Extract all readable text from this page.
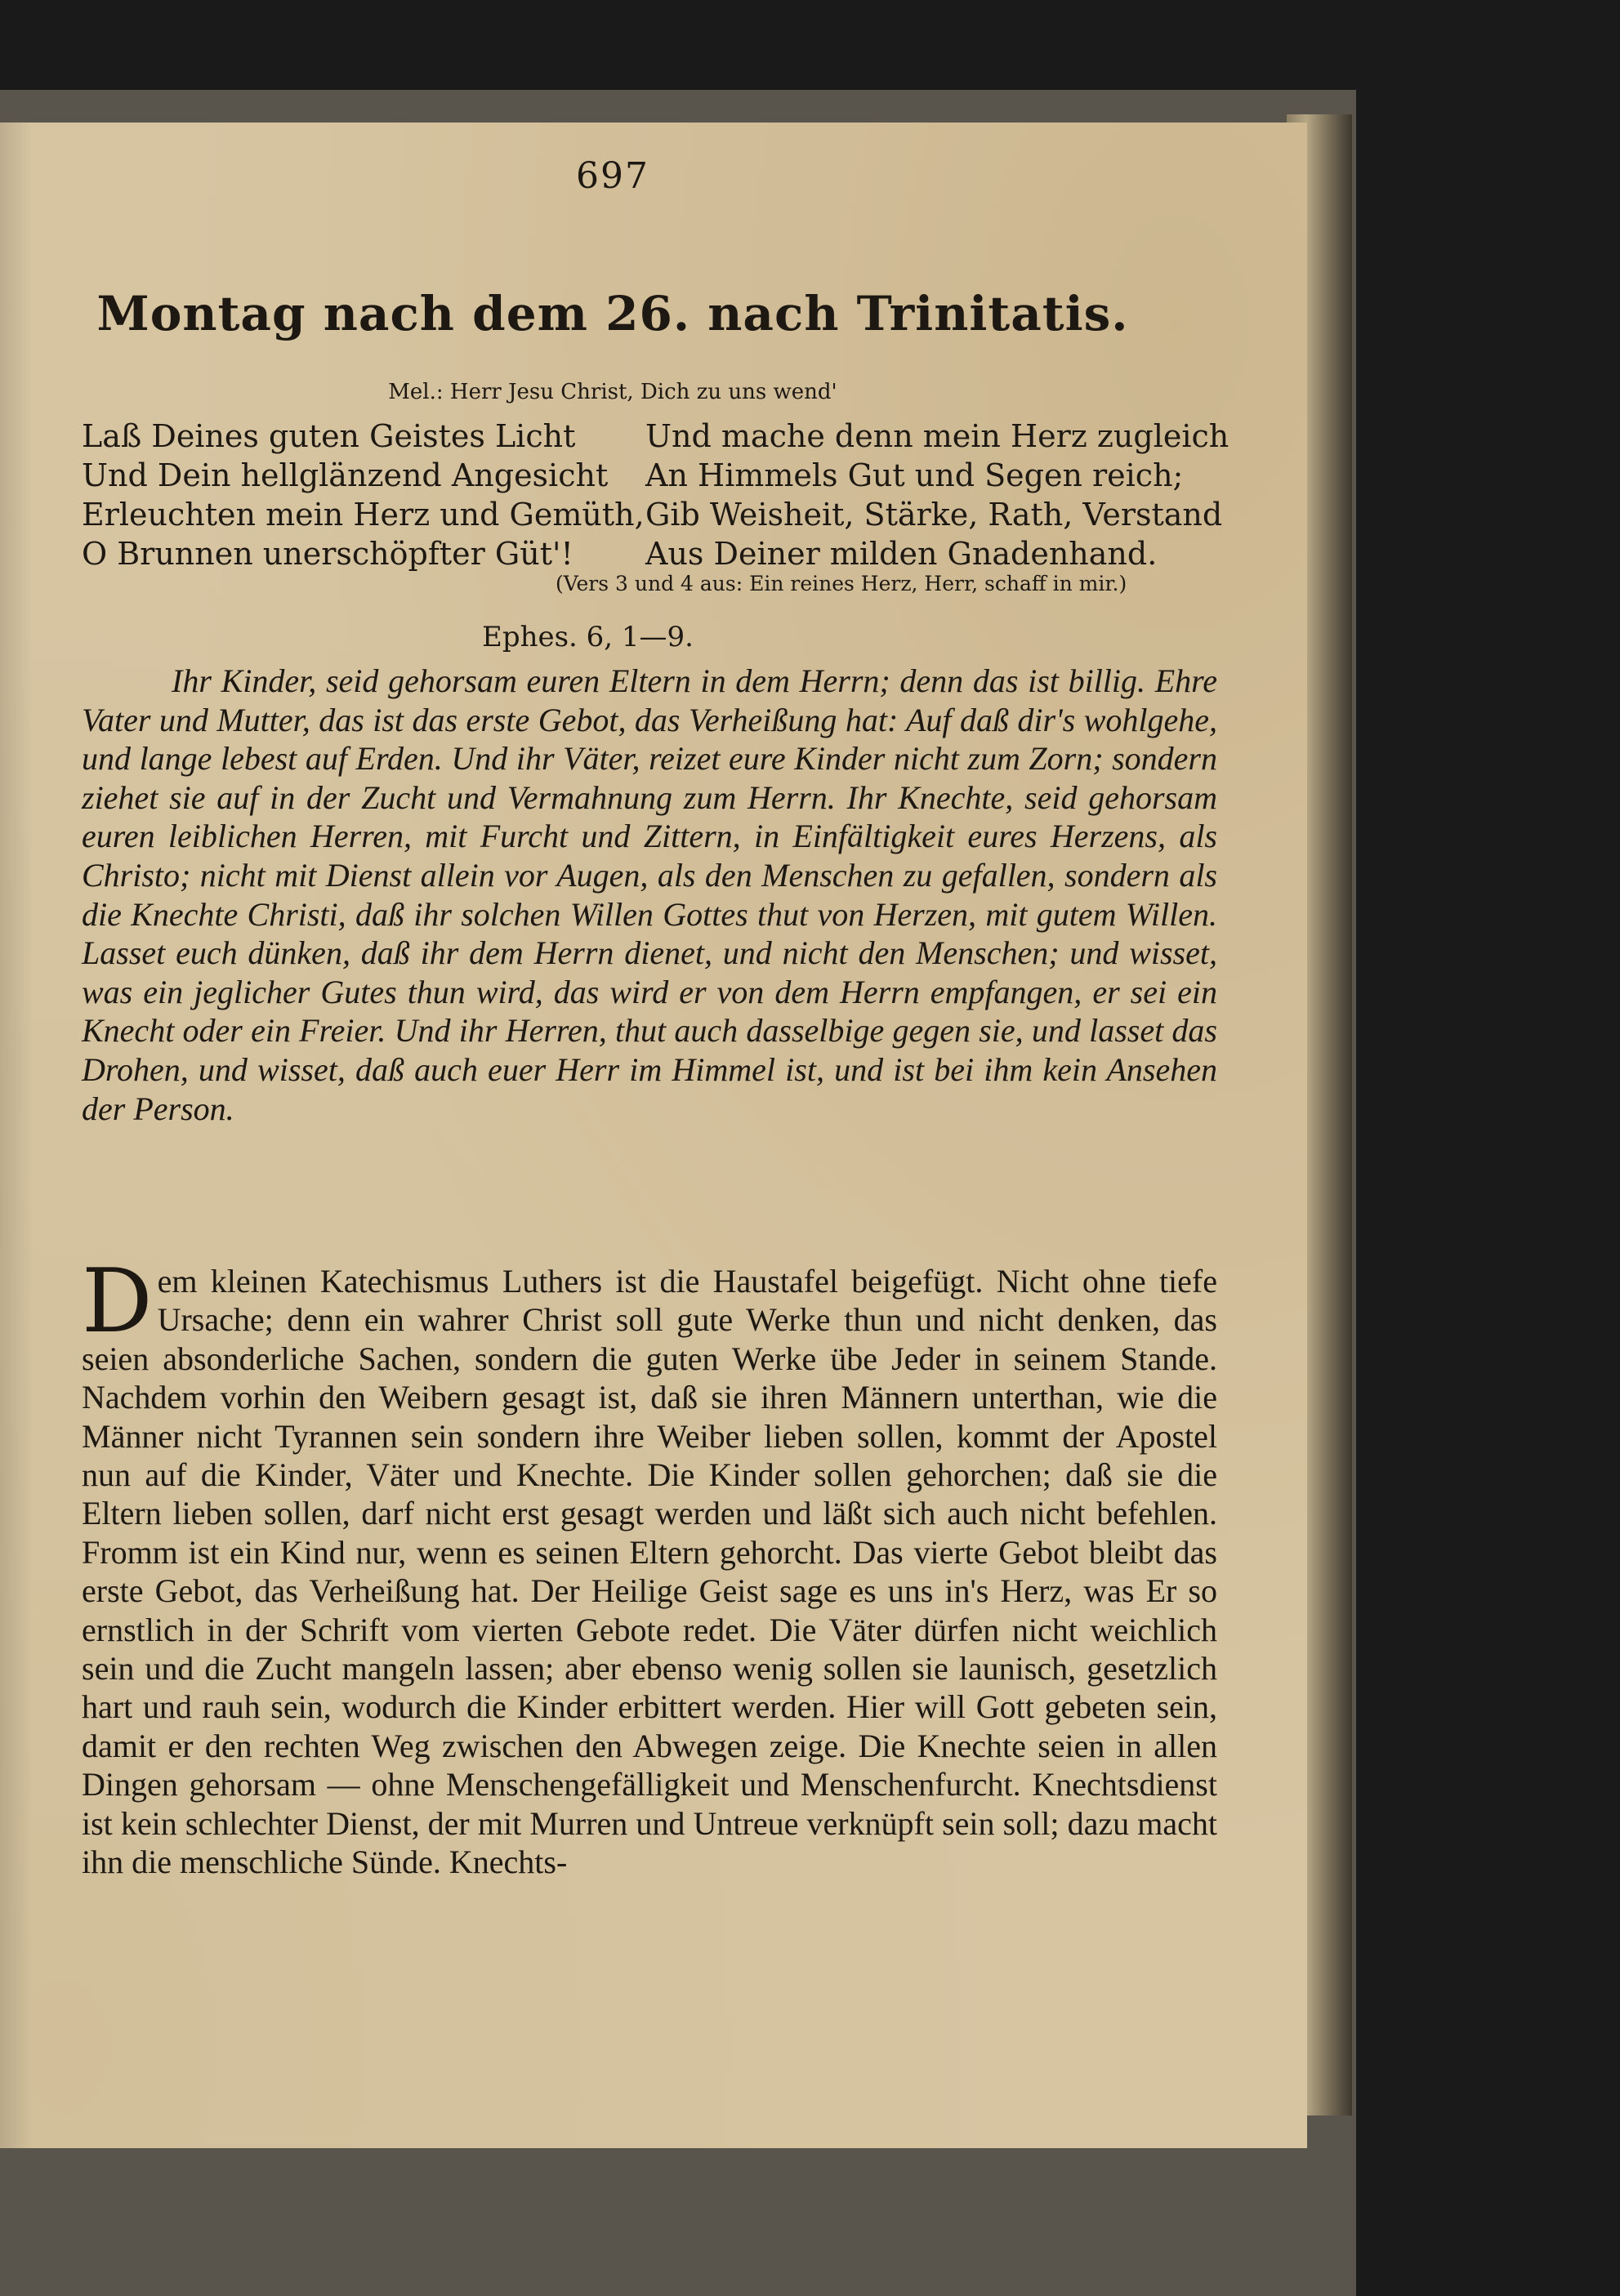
697
Montag nach dem 26. nach Trinitatis.
Mel.: Herr Jesu Christ, Dich zu uns wend'
Laß Deines guten Geistes Licht
Und Dein hellglänzend Angesicht
Erleuchten mein Herz und Gemüth,
O Brunnen unerschöpfter Güt'!
Und mache denn mein Herz zugleich
An Himmels Gut und Segen reich;
Gib Weisheit, Stärke, Rath, Verstand
Aus Deiner milden Gnadenhand.
(Vers 3 und 4 aus: Ein reines Herz, Herr, schaff in mir.)
Ephes. 6, 1—9.
Ihr Kinder, seid gehorsam euren Eltern in dem Herrn; denn das ist billig. Ehre Vater und Mutter, das ist das erste Gebot, das Verheißung hat: Auf daß dir's wohlgehe, und lange lebest auf Erden. Und ihr Väter, reizet eure Kinder nicht zum Zorn; sondern ziehet sie auf in der Zucht und Vermahnung zum Herrn. Ihr Knechte, seid gehorsam euren leiblichen Herren, mit Furcht und Zittern, in Einfältigkeit eures Herzens, als Christo; nicht mit Dienst allein vor Augen, als den Menschen zu gefallen, sondern als die Knechte Christi, daß ihr solchen Willen Gottes thut von Herzen, mit gutem Willen. Lasset euch dünken, daß ihr dem Herrn dienet, und nicht den Menschen; und wisset, was ein jeglicher Gutes thun wird, das wird er von dem Herrn empfangen, er sei ein Knecht oder ein Freier. Und ihr Herren, thut auch dasselbige gegen sie, und lasset das Drohen, und wisset, daß auch euer Herr im Himmel ist, und ist bei ihm kein Ansehen der Person.
D em kleinen Katechismus Luthers ist die Haustafel beigefügt. Nicht ohne tiefe Ursache; denn ein wahrer Christ soll gute Werke thun und nicht denken, das seien absonderliche Sachen, sondern die guten Werke übe Jeder in seinem Stande. Nachdem vorhin den Weibern gesagt ist, daß sie ihren Männern unterthan, wie die Männer nicht Tyrannen sein sondern ihre Weiber lieben sollen, kommt der Apostel nun auf die Kinder, Väter und Knechte. Die Kinder sollen gehorchen; daß sie die Eltern lieben sollen, darf nicht erst gesagt werden und läßt sich auch nicht befehlen. Fromm ist ein Kind nur, wenn es seinen Eltern gehorcht. Das vierte Gebot bleibt das erste Gebot, das Verheißung hat. Der Heilige Geist sage es uns in's Herz, was Er so ernstlich in der Schrift vom vierten Gebote redet. Die Väter dürfen nicht weichlich sein und die Zucht mangeln lassen; aber ebenso wenig sollen sie launisch, gesetzlich hart und rauh sein, wodurch die Kinder erbittert werden. Hier will Gott gebeten sein, damit er den rechten Weg zwischen den Abwegen zeige. Die Knechte seien in allen Dingen gehorsam — ohne Menschengefälligkeit und Menschenfurcht. Knechtsdienst ist kein schlechter Dienst, der mit Murren und Untreue verknüpft sein soll; dazu macht ihn die menschliche Sünde. Knechts-
